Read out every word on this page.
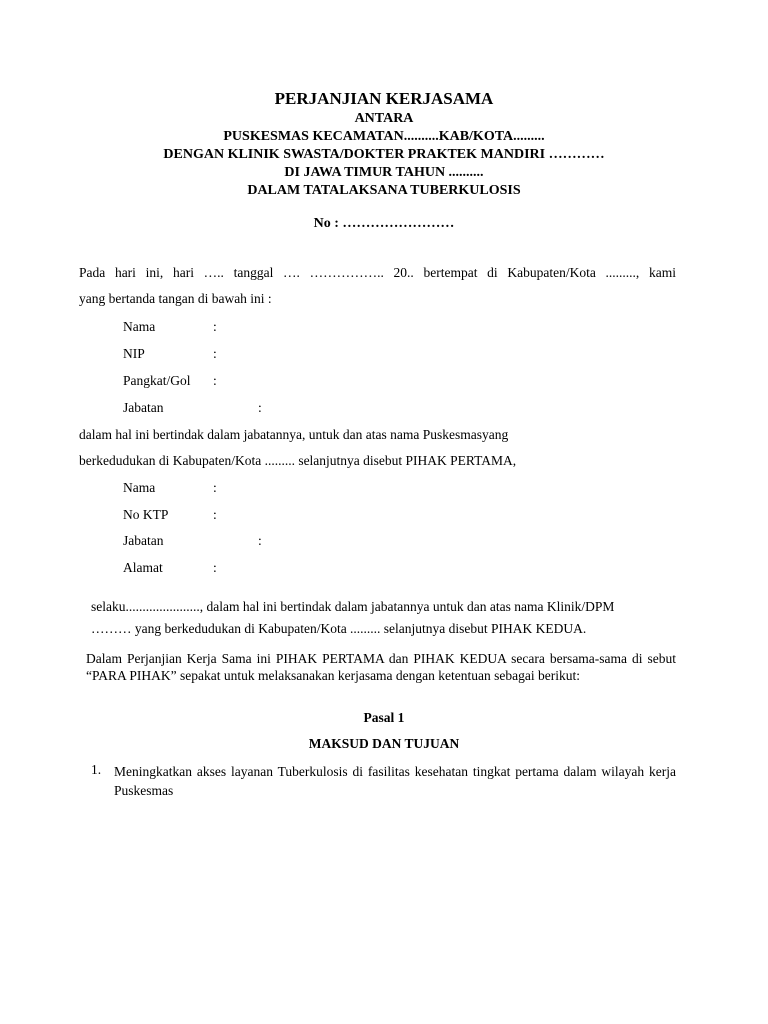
PERJANJIAN KERJASAMA
ANTARA
PUSKESMAS KECAMATAN..........KAB/KOTA.........
DENGAN KLINIK SWASTA/DOKTER PRAKTEK MANDIRI …………
DI JAWA TIMUR TAHUN ..........
DALAM TATALAKSANA TUBERKULOSIS
No : ……………………
Pada hari ini, hari ….. tanggal …. …………….. 20.. bertempat di Kabupaten/Kota ........., kami
yang bertanda tangan di bawah ini :
Nama	:
NIP	:
Pangkat/Gol :
Jabatan	:
dalam hal ini bertindak dalam jabatannya, untuk dan atas nama Puskesmasyang
berkedudukan di Kabupaten/Kota ......... selanjutnya disebut PIHAK PERTAMA,
Nama	:
No KTP	:
Jabatan	:
Alamat	:
selaku......................, dalam hal ini bertindak dalam jabatannya untuk dan atas nama Klinik/DPM
……… yang berkedudukan di Kabupaten/Kota ......... selanjutnya disebut PIHAK KEDUA.
Dalam Perjanjian Kerja Sama ini PIHAK PERTAMA dan PIHAK KEDUA secara bersama-sama di sebut “PARA PIHAK” sepakat untuk melaksanakan kerjasama dengan ketentuan sebagai berikut:
Pasal 1
MAKSUD DAN TUJUAN
1. Meningkatkan akses layanan Tuberkulosis di fasilitas kesehatan tingkat pertama dalam wilayah kerja Puskesmas
